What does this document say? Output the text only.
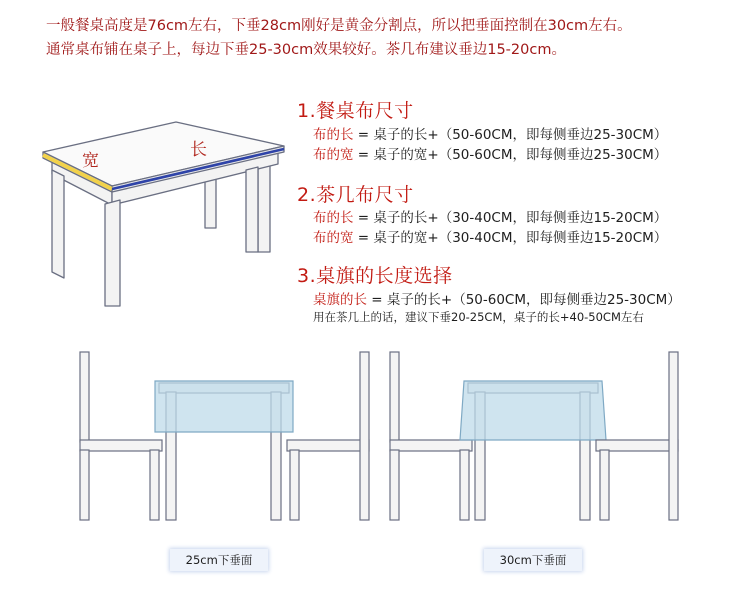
一般餐桌高度是76cm左右，下垂28cm刚好是黄金分割点，所以把垂面控制在30cm左右。
通常桌布铺在桌子上，每边下垂25-30cm效果较好。茶几布建议垂边15-20cm。
宽
长
1.餐桌布尺寸
布的长 = 桌子的长+（50-60CM，即每侧垂边25-30CM）
布的宽 = 桌子的宽+（50-60CM，即每侧垂边25-30CM）
2.茶几布尺寸
布的长 = 桌子的长+（30-40CM，即每侧垂边15-20CM）
布的宽 = 桌子的宽+（30-40CM，即每侧垂边15-20CM）
3.桌旗的长度选择
桌旗的长 = 桌子的长+（50-60CM，即每侧垂边25-30CM）
用在茶几上的话，建议下垂20-25CM，桌子的长+40-50CM左右
25cm下垂面	30cm下垂面
